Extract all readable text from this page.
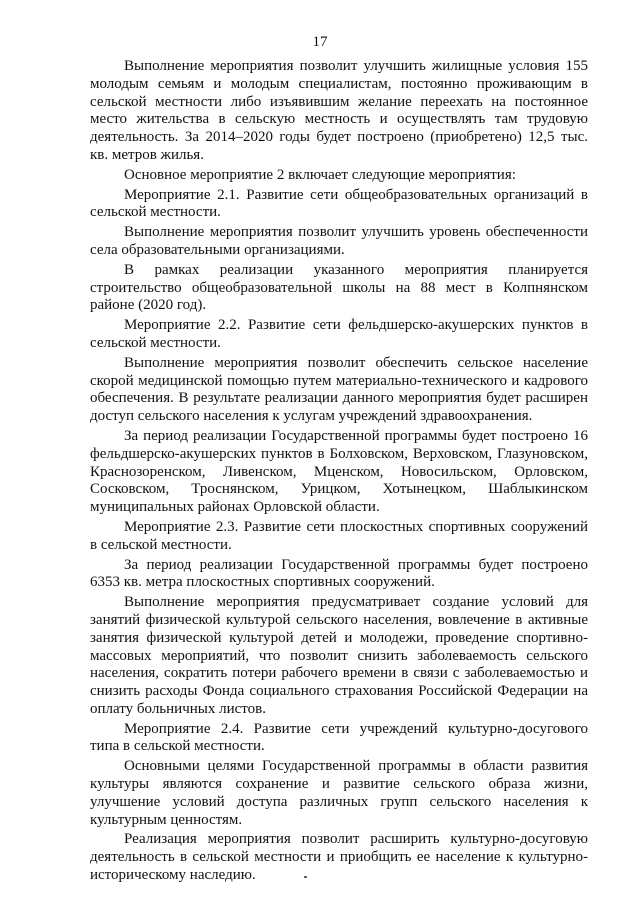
17

Выполнение мероприятия позволит улучшить жилищные условия 155 молодым семьям и молодым специалистам, постоянно проживающим в сельской местности либо изъявившим желание переехать на постоянное место жительства в сельскую местность и осуществлять там трудовую деятельность. За 2014–2020 годы будет построено (приобретено) 12,5 тыс. кв. метров жилья.

Основное мероприятие 2 включает следующие мероприятия:

Мероприятие 2.1. Развитие сети общеобразовательных организаций в сельской местности.

Выполнение мероприятия позволит улучшить уровень обеспеченности села образовательными организациями.

В рамках реализации указанного мероприятия планируется строительство общеобразовательной школы на 88 мест в Колпнянском районе (2020 год).

Мероприятие 2.2. Развитие сети фельдшерско-акушерских пунктов в сельской местности.

Выполнение мероприятия позволит обеспечить сельское население скорой медицинской помощью путем материально-технического и кадрового обеспечения. В результате реализации данного мероприятия будет расширен доступ сельского населения к услугам учреждений здравоохранения.

За период реализации Государственной программы будет построено 16 фельдшерско-акушерских пунктов в Болховском, Верховском, Глазуновском, Краснозоренском, Ливенском, Мценском, Новосильском, Орловском, Сосковском, Троснянском, Урицком, Хотынецком, Шаблыкинском муниципальных районах Орловской области.

Мероприятие 2.3. Развитие сети плоскостных спортивных сооружений в сельской местности.

За период реализации Государственной программы будет построено 6353 кв. метра плоскостных спортивных сооружений.

Выполнение мероприятия предусматривает создание условий для занятий физической культурой сельского населения, вовлечение в активные занятия физической культурой детей и молодежи, проведение спортивно-массовых мероприятий, что позволит снизить заболеваемость сельского населения, сократить потери рабочего времени в связи с заболеваемостью и снизить расходы Фонда социального страхования Российской Федерации на оплату больничных листов.

Мероприятие 2.4. Развитие сети учреждений культурно-досугового типа в сельской местности.

Основными целями Государственной программы в области развития культуры являются сохранение и развитие сельского образа жизни, улучшение условий доступа различных групп сельского населения к культурным ценностям.

Реализация мероприятия позволит расширить культурно-досуговую деятельность в сельской местности и приобщить ее население к культурно-историческому наследию.
